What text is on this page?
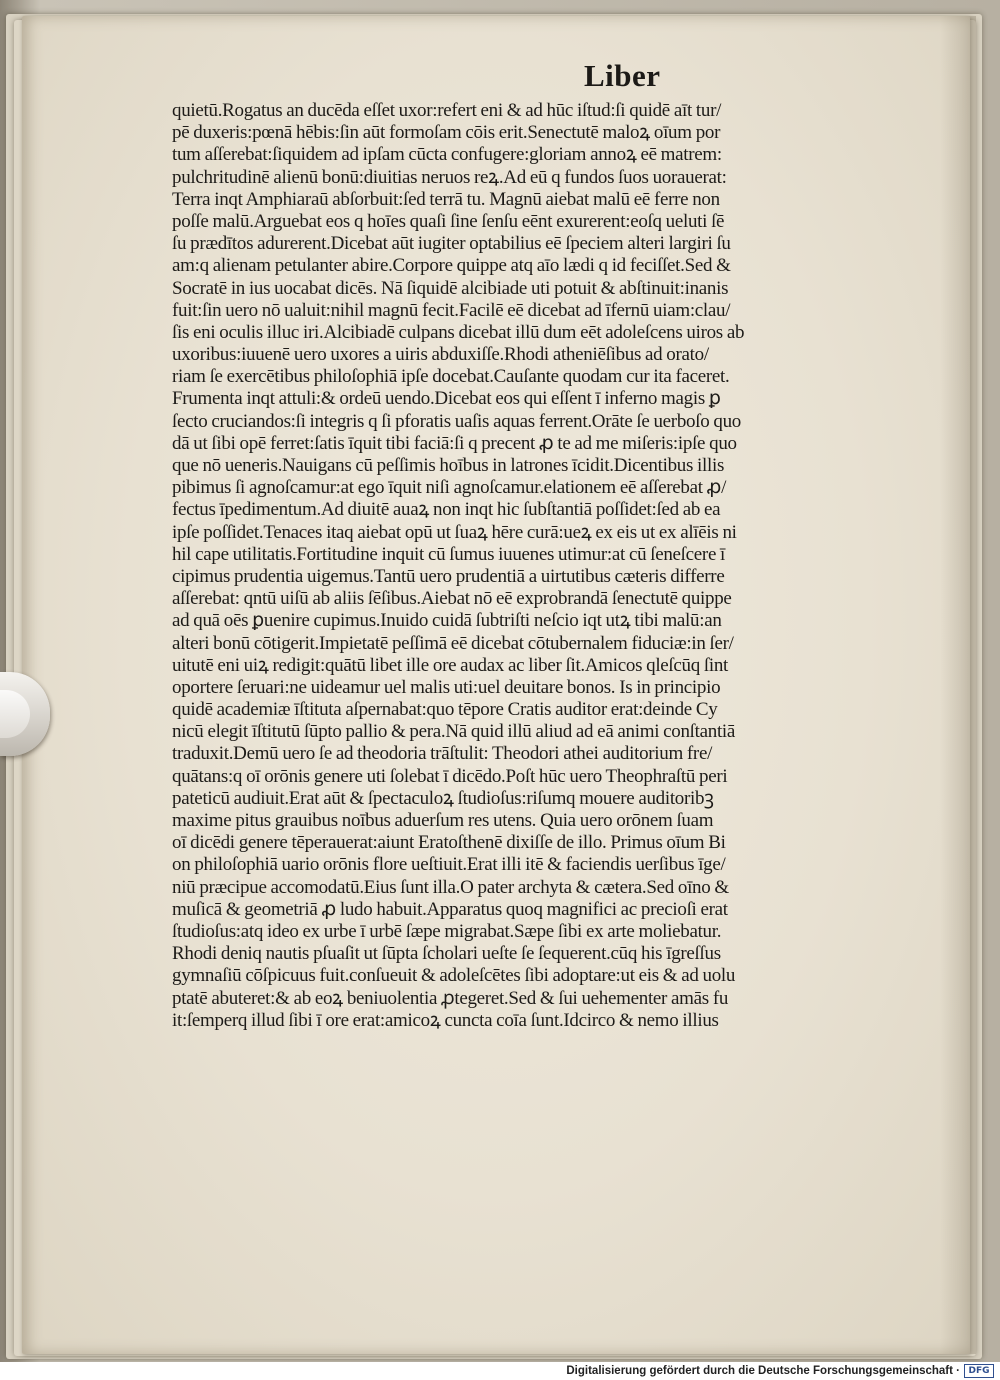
Liber
quietū.Rogatus an ducēda eſſet uxor:refert eni & ad hūc iſtud:ſi quidē aīt tur/
pē duxeris:pœnā hēbis:ſin aūt formoſam cōis erit.Senectutē maloꝝ oīum por
tum aſſerebat:ſiquidem ad ipſam cūcta confugere:gloriam annoꝝ eē matrem:
pulchritudinē alienū bonū:diuitias neruos reꝝ.Ad eū q fundos ſuos uorauerat:
Terra inqt Amphiaraū abſorbuit:ſed terrā tu. Magnū aiebat malū eē ferre non
poſſe malū.Arguebat eos q hoīes quaſi ſine ſenſu eēnt exurerent:eoſq ueluti ſē
ſu prædītos adurerent.Dicebat aūt iugiter optabilius eē ſpeciem alteri largiri ſu
am:q alienam petulanter abire.Corpore quippe atq aīo lædi q id feciſſet.Sed &
Socratē in ius uocabat dicēs. Nā ſiquidē alcibiade uti potuit & abſtinuit:inanis
fuit:ſin uero nō ualuit:nihil magnū fecit.Facilē eē dicebat ad īfernū uiam:clau/
ſis eni oculis illuc iri.Alcibiadē culpans dicebat illū dum eēt adoleſcens uiros ab
uxoribus:iuuenē uero uxores a uiris abduxiſſe.Rhodi atheniēſibus ad orato/
riam ſe exercētibus philoſophiā ipſe docebat.Cauſante quodam cur ita faceret.
Frumenta inqt attuli:& ordeū uendo.Dicebat eos qui eſſent ī inferno magis ꝑ
ſecto cruciandos:ſi integris q ſi pforatis uaſis aquas ferrent.Orāte ſe uerboſo quo
dā ut ſibi opē ferret:ſatis īquit tibi faciā:ſi q precent ꝓ te ad me miſeris:ipſe quo
que nō ueneris.Nauigans cū peſſimis hoībus in latrones īcidit.Dicentibus illis
pibimus ſi agnoſcamur:at ego īquit niſi agnoſcamur.elationem eē aſſerebat ꝓ/
fectus īpedimentum.Ad diuitē auaꝝ non inqt hic ſubſtantiā poſſidet:ſed ab ea
ipſe poſſidet.Tenaces itaq aiebat opū ut ſuaꝝ hēre curā:ueꝝ ex eis ut ex alīēis ni
hil cape utilitatis.Fortitudine inquit cū ſumus iuuenes utimur:at cū ſeneſcere ī
cipimus prudentia uigemus.Tantū uero prudentiā a uirtutibus cæteris differre
aſſerebat: qntū uiſū ab aliis ſēſibus.Aiebat nō eē exprobrandā ſenectutē quippe
ad quā oēs ꝑuenire cupimus.Inuido cuidā ſubtriſti neſcio iqt utꝝ tibi malū:an
alteri bonū cōtigerit.Impietatē peſſimā eē dicebat cōtubernalem fiduciæ:in ſer/
uitutē eni uiꝝ redigit:quātū libet ille ore audax ac liber ſit.Amicos qleſcūq ſint
oportere ſeruari:ne uideamur uel malis uti:uel deuitare bonos. Is in principio
quidē academiæ īſtituta aſpernabat:quo tēpore Cratis auditor erat:deinde Cy
nicū elegit īſtitutū ſūpto pallio & pera.Nā quid illū aliud ad eā animi conſtantiā
traduxit.Demū uero ſe ad theodoria trāſtulit: Theodori athei auditorium fre/
quātans:q oī orōnis genere uti ſolebat ī dicēdo.Poſt hūc uero Theophraſtū peri
pateticū audiuit.Erat aūt & ſpectaculoꝝ ſtudioſus:riſumq mouere auditoribꝫ
maxime pitus grauibus noībus aduerſum res utens. Quia uero orōnem ſuam
oī dicēdi genere tēperauerat:aiunt Eratoſthenē dixiſſe de illo. Primus oīum Bi
on philoſophiā uario orōnis flore ueſtiuit.Erat illi itē & faciendis uerſibus īge/
niū præcipue accomodatū.Eius ſunt illa.O pater archyta & cætera.Sed oīno &
muſicā & geometriā ꝓ ludo habuit.Apparatus quoq magnifici ac precioſi erat
ſtudioſus:atq ideo ex urbe ī urbē ſæpe migrabat.Sæpe ſibi ex arte moliebatur.
Rhodi deniq nautis pſuaſit ut ſūpta ſcholari ueſte ſe ſequerent.cūq his īgreſſus
gymnaſiū cōſpicuus fuit.conſueuit & adoleſcētes ſibi adoptare:ut eis & ad uolu
ptatē abuteret:& ab eoꝝ beniuolentia ꝓtegeret.Sed & ſui uehementer amās fu
it:ſemperq illud ſibi ī ore erat:amicoꝝ cuncta coīa ſunt.Idcirco & nemo illius
Digitalisierung gefördert durch die Deutsche Forschungsgemeinschaft · DFG
